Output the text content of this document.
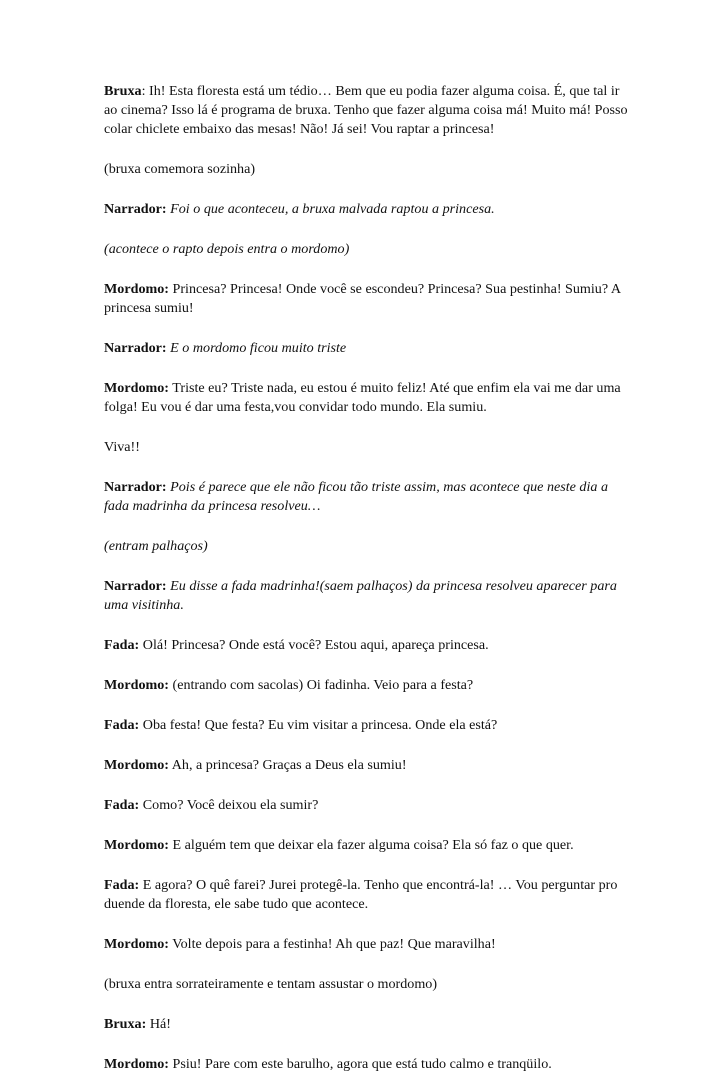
Bruxa: Ih! Esta floresta está um tédio… Bem que eu podia fazer alguma coisa. É, que tal ir ao cinema? Isso lá é programa de bruxa. Tenho que fazer alguma coisa má! Muito má! Posso colar chiclete embaixo das mesas! Não! Já sei! Vou raptar a princesa!

(bruxa comemora sozinha)

Narrador: Foi o que aconteceu, a bruxa malvada raptou a princesa.

(acontece o rapto depois entra o mordomo)

Mordomo: Princesa? Princesa! Onde você se escondeu? Princesa? Sua pestinha! Sumiu? A princesa sumiu!

Narrador: E o mordomo ficou muito triste

Mordomo: Triste eu? Triste nada, eu estou é muito feliz! Até que enfim ela vai me dar uma folga! Eu vou é dar uma festa,vou convidar todo mundo. Ela sumiu.

Viva!!

Narrador: Pois é parece que ele não ficou tão triste assim, mas acontece que neste dia a fada madrinha da princesa resolveu…

(entram palhaços)

Narrador: Eu disse a fada madrinha!(saem palhaços) da princesa resolveu aparecer para uma visitinha.

Fada: Olá! Princesa? Onde está você? Estou aqui, apareça princesa.

Mordomo: (entrando com sacolas) Oi fadinha. Veio para a festa?

Fada: Oba festa! Que festa? Eu vim visitar a princesa. Onde ela está?

Mordomo: Ah, a princesa? Graças a Deus ela sumiu!

Fada: Como? Você deixou ela sumir?

Mordomo: E alguém tem que deixar ela fazer alguma coisa? Ela só faz o que quer.

Fada: E agora? O quê farei? Jurei protegê-la. Tenho que encontrá-la! … Vou perguntar pro duende da floresta, ele sabe tudo que acontece.

Mordomo: Volte depois para a festinha! Ah que paz! Que maravilha!

(bruxa entra sorrateiramente e tentam assustar o mordomo)

Bruxa: Há!

Mordomo: Psiu! Pare com este barulho, agora que está tudo calmo e tranqüilo.
